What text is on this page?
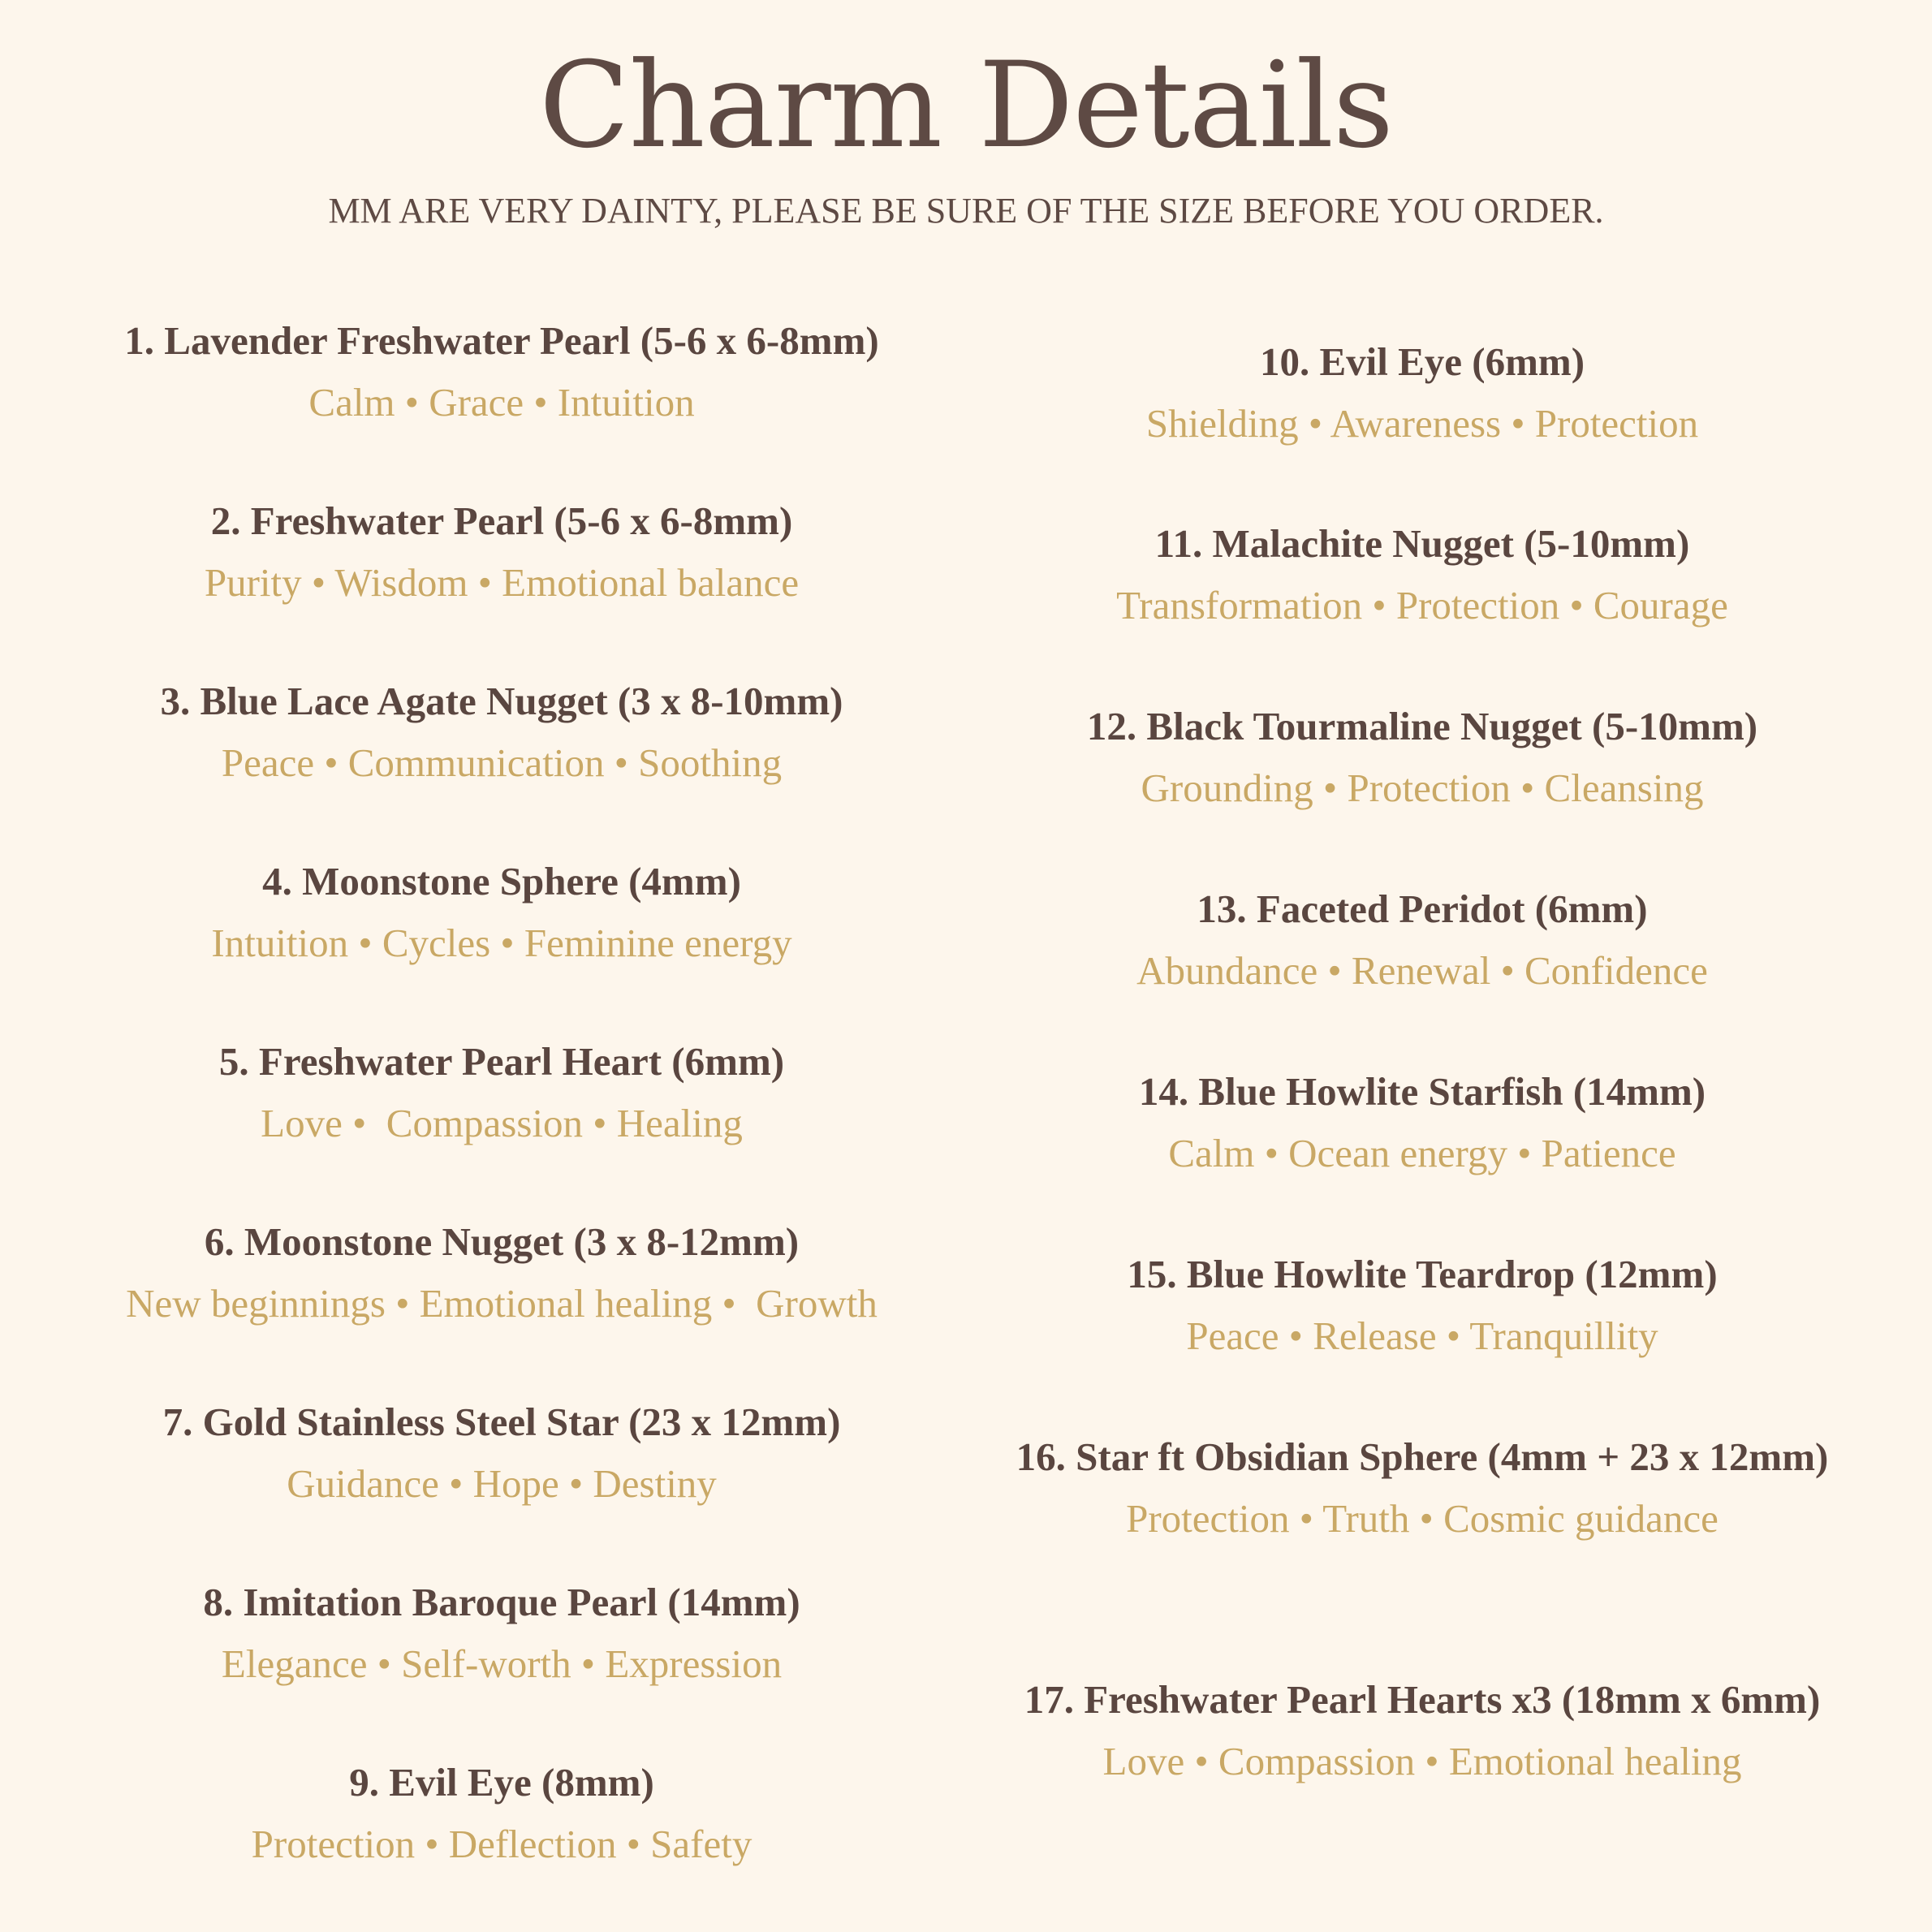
Charm Details
MM ARE VERY DAINTY, PLEASE BE SURE OF THE SIZE BEFORE YOU ORDER.
1. Lavender Freshwater Pearl (5-6 x 6-8mm)
Calm • Grace • Intuition
2. Freshwater Pearl (5-6 x 6-8mm)
Purity • Wisdom • Emotional balance
3. Blue Lace Agate Nugget (3 x 8-10mm)
Peace • Communication • Soothing
4. Moonstone Sphere (4mm)
Intuition • Cycles • Feminine energy
5. Freshwater Pearl Heart (6mm)
Love •  Compassion • Healing
6. Moonstone Nugget (3 x 8-12mm)
New beginnings • Emotional healing •  Growth
7. Gold Stainless Steel Star (23 x 12mm)
Guidance • Hope • Destiny
8. Imitation Baroque Pearl (14mm)
Elegance • Self-worth • Expression
9. Evil Eye (8mm)
Protection • Deflection • Safety
10. Evil Eye (6mm)
Shielding • Awareness • Protection
11. Malachite Nugget (5-10mm)
Transformation • Protection • Courage
12. Black Tourmaline Nugget (5-10mm)
Grounding • Protection • Cleansing
13. Faceted Peridot (6mm)
Abundance • Renewal • Confidence
14. Blue Howlite Starfish (14mm)
Calm • Ocean energy • Patience
15. Blue Howlite Teardrop (12mm)
Peace • Release • Tranquillity
16. Star ft Obsidian Sphere (4mm + 23 x 12mm)
Protection • Truth • Cosmic guidance
17. Freshwater Pearl Hearts x3 (18mm x 6mm)
Love • Compassion • Emotional healing
